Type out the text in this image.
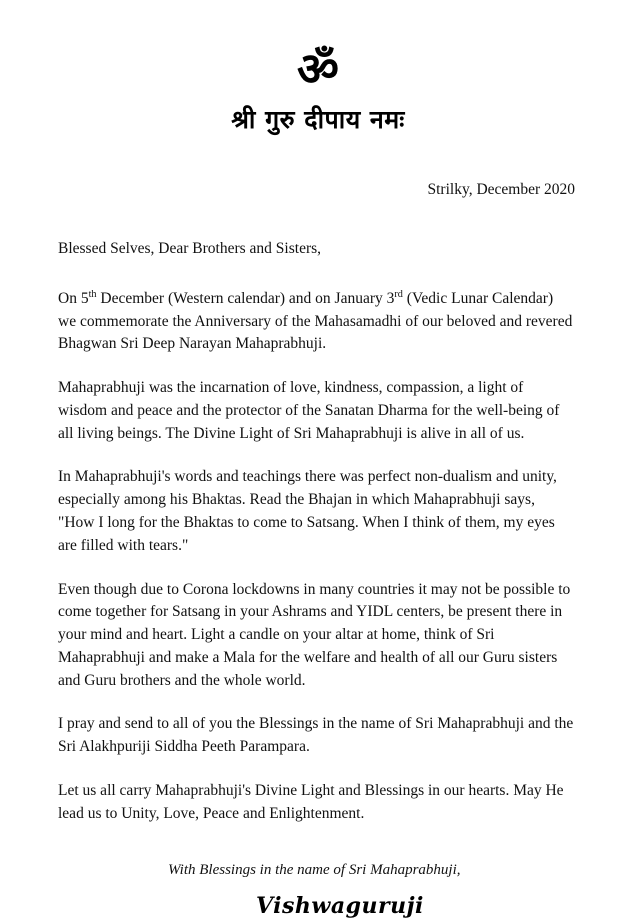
ॐ
श्री गुरु दीपाय नमः
Strilky, December 2020
Blessed Selves, Dear Brothers and Sisters,

On 5th December (Western calendar) and on January 3rd (Vedic Lunar Calendar) we commemorate the Anniversary of the Mahasamadhi of our beloved and revered Bhagwan Sri Deep Narayan Mahaprabhuji.

Mahaprabhuji was the incarnation of love, kindness, compassion, a light of wisdom and peace and the protector of the Sanatan Dharma for the well-being of all living beings. The Divine Light of Sri Mahaprabhuji is alive in all of us.

In Mahaprabhuji's words and teachings there was perfect non-dualism and unity, especially among his Bhaktas. Read the Bhajan in which Mahaprabhuji says, "How I long for the Bhaktas to come to Satsang. When I think of them, my eyes are filled with tears."

Even though due to Corona lockdowns in many countries it may not be possible to come together for Satsang in your Ashrams and YIDL centers, be present there in your mind and heart. Light a candle on your altar at home, think of Sri Mahaprabhuji and make a Mala for the welfare and health of all our Guru sisters and Guru brothers and the whole world.

I pray and send to all of you the Blessings in the name of Sri Mahaprabhuji and the Sri Alakhpuriji Siddha Peeth Parampara.

Let us all carry Mahaprabhuji's Divine Light and Blessings in our hearts. May He lead us to Unity, Love, Peace and Enlightenment.

With Blessings in the name of Sri Mahaprabhuji,
Vishwaguruji
